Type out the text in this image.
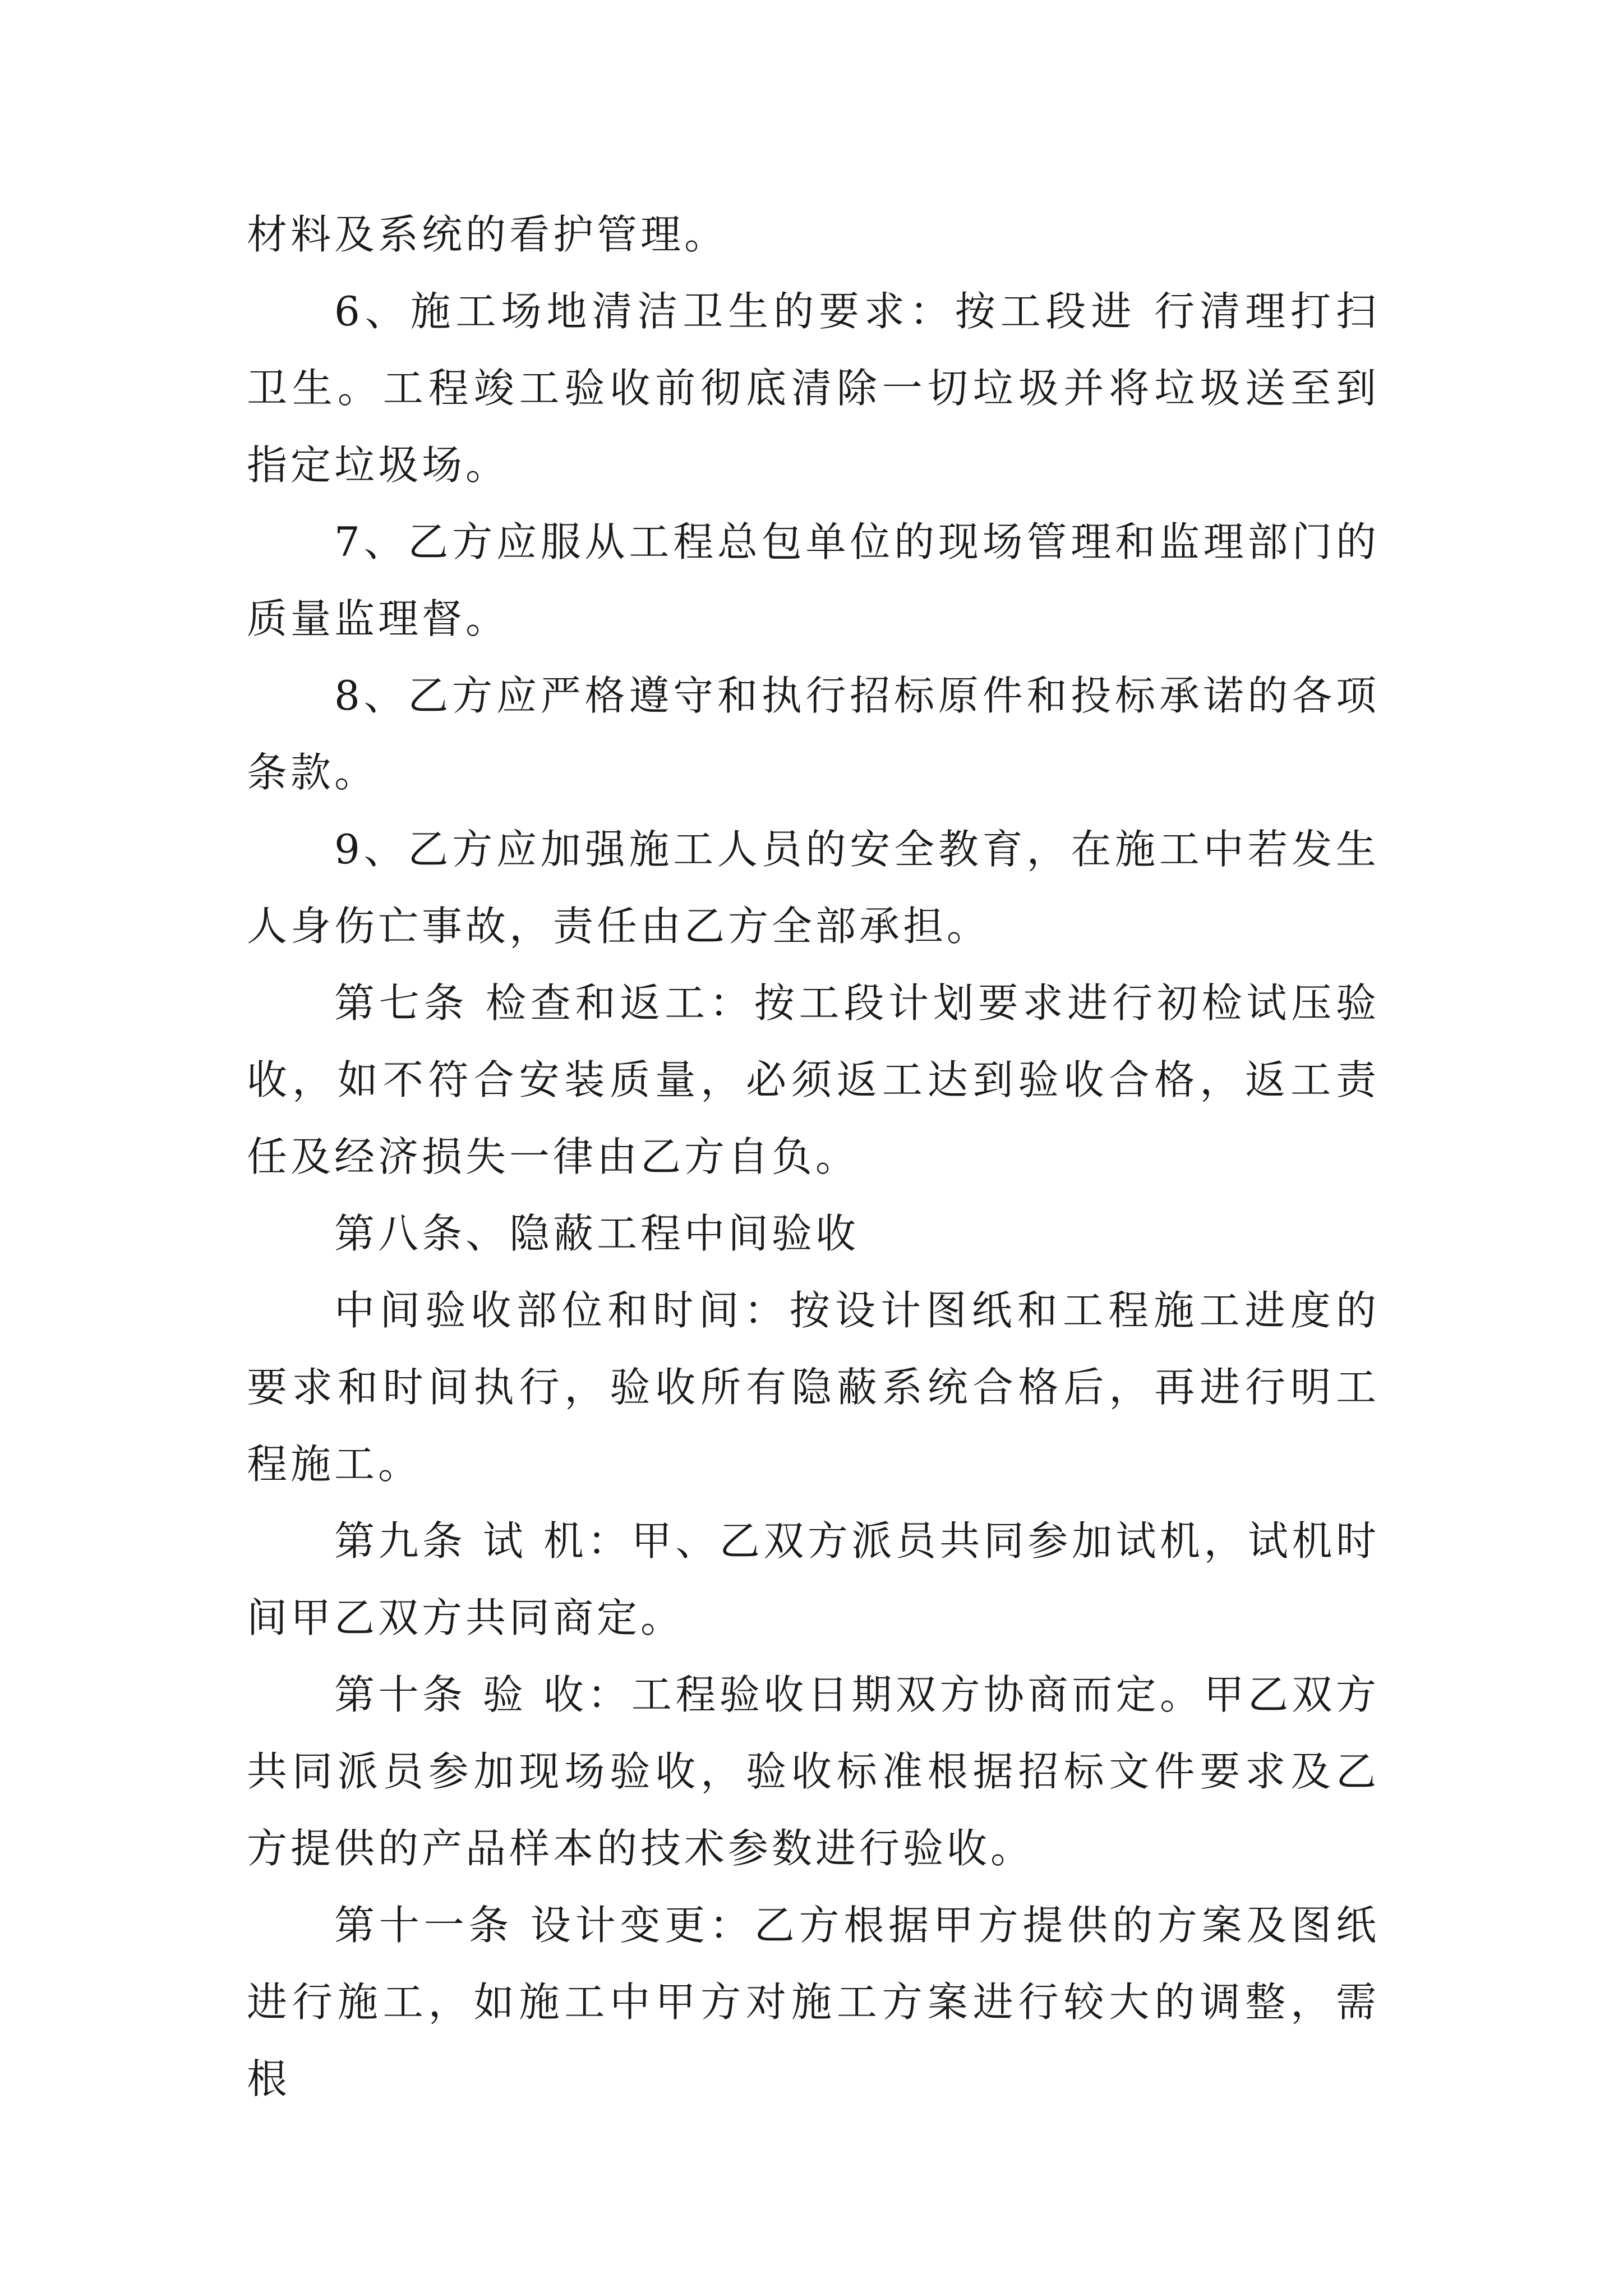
材料及系统的看护管理。

6、施工场地清洁卫生的要求：按工段进 行清理打扫卫生。工程竣工验收前彻底清除一切垃圾并将垃圾送至到指定垃圾场。

7、乙方应服从工程总包单位的现场管理和监理部门的质量监理督。

8、乙方应严格遵守和执行招标原件和投标承诺的各项条款。

9、乙方应加强施工人员的安全教育，在施工中若发生人身伤亡事故，责任由乙方全部承担。

第七条 检查和返工：按工段计划要求进行初检试压验收，如不符合安装质量，必须返工达到验收合格，返工责任及经济损失一律由乙方自负。

第八条、隐蔽工程中间验收

中间验收部位和时间：按设计图纸和工程施工进度的要求和时间执行，验收所有隐蔽系统合格后，再进行明工程施工。

第九条 试 机：甲、乙双方派员共同参加试机，试机时间甲乙双方共同商定。

第十条 验 收：工程验收日期双方协商而定。甲乙双方共同派员参加现场验收，验收标准根据招标文件要求及乙方提供的产品样本的技术参数进行验收。

第十一条 设计变更：乙方根据甲方提供的方案及图纸进行施工，如施工中甲方对施工方案进行较大的调整，需根
